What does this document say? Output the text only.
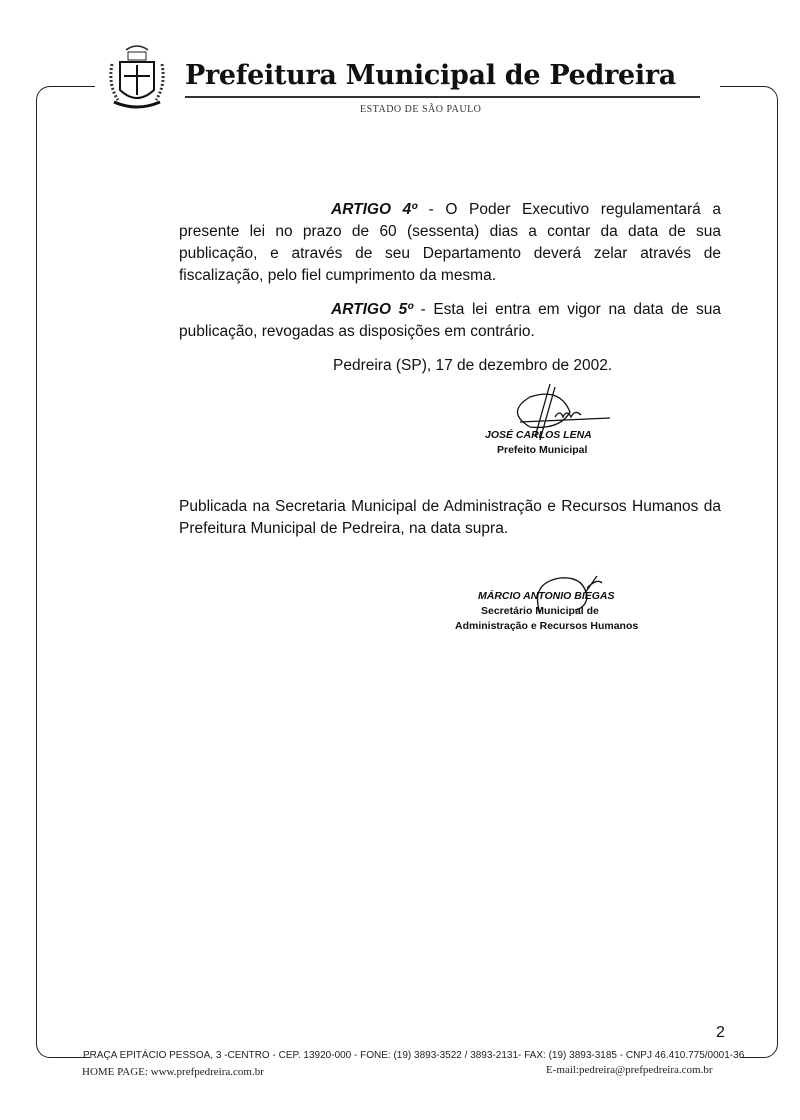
Prefeitura Municipal de Pedreira
ESTADO DE SÃO PAULO

ARTIGO 4º - O Poder Executivo regulamentará a presente lei no prazo de 60 (sessenta) dias a contar da data de sua publicação, e através de seu Departamento deverá zelar através de fiscalização, pelo fiel cumprimento da mesma.

ARTIGO 5º - Esta lei entra em vigor na data de sua publicação, revogadas as disposições em contrário.

Pedreira (SP), 17 de dezembro de 2002.
JOSÉ CARLOS LENA
Prefeito Municipal

Publicada na Secretaria Municipal de Administração e Recursos Humanos da Prefeitura Municipal de Pedreira, na data supra.

MÁRCIO ANTONIO BIEGAS
Secretário Municipal de
Administração e Recursos Humanos
2
PRAÇA EPITÁCIO PESSOA, 3 -CENTRO - CEP. 13920-000 - FONE: (19) 3893-3522 / 3893-2131- FAX: (19) 3893-3185 - CNPJ 46.410.775/0001-36
HOME PAGE: www.prefpedreira.com.br	E-mail:pedreira@prefpedreira.com.br
